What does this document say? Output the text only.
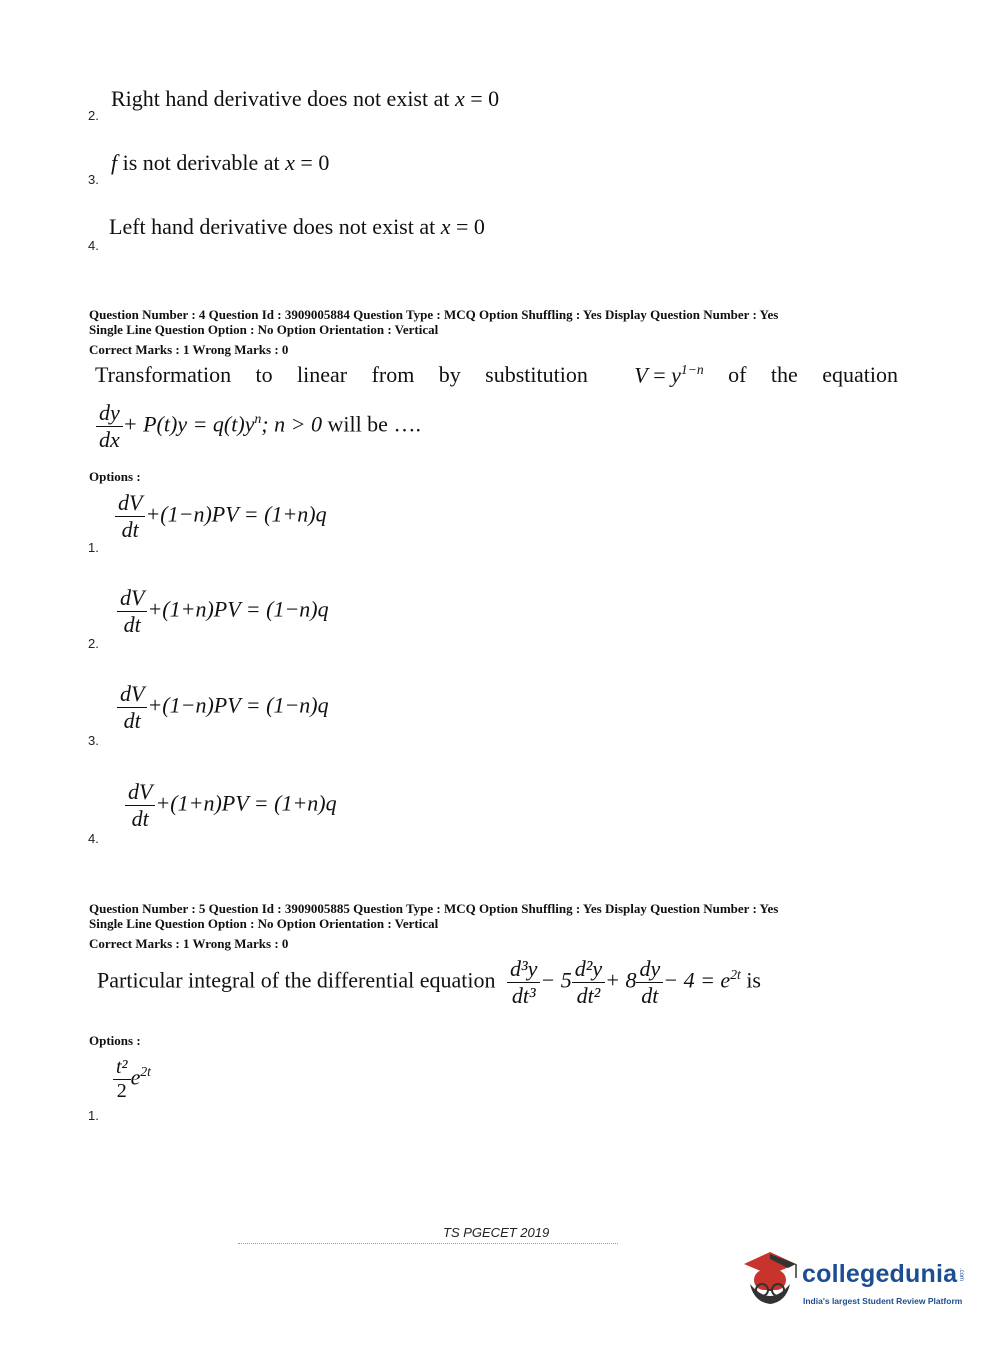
2.
Right hand derivative does not exist at x = 0
3.
f is not derivable at x = 0
4.
Left hand derivative does not exist at x = 0
Question Number : 4 Question Id : 3909005884 Question Type : MCQ Option Shuffling : Yes Display Question Number : Yes
Single Line Question Option : No Option Orientation : Vertical
Correct Marks : 1 Wrong Marks : 0
Transformation to linear from by substitution $V = y^{1-n}$ of the equation
$\frac{dy}{dx} + P(t)y = q(t)y^n$; n > 0 will be ….
Options :
1.
$\frac{dV}{dt} +(1-n)PV = (1+n)q$
2.
$\frac{dV}{dt} +(1+n)PV = (1-n)q$
3.
$\frac{dV}{dt} +(1-n)PV = (1-n)q$
4.
$\frac{dV}{dt} +(1+n)PV = (1+n)q$
Question Number : 5 Question Id : 3909005885 Question Type : MCQ Option Shuffling : Yes Display Question Number : Yes
Single Line Question Option : No Option Orientation : Vertical
Correct Marks : 1 Wrong Marks : 0
Particular integral of the differential equation $\frac{\text{d³y}}{\text{dt³}} - 5 \frac{\text{d²y}}{\text{dt²}} + 8 \frac{dy}{dt} - 4 = e^{2t}$ is
Options :
1.
$\frac{\text{t²}}{2} e^{2t}$
TS PGECET 2019
collegedunia .com
India's largest Student Review Platform
